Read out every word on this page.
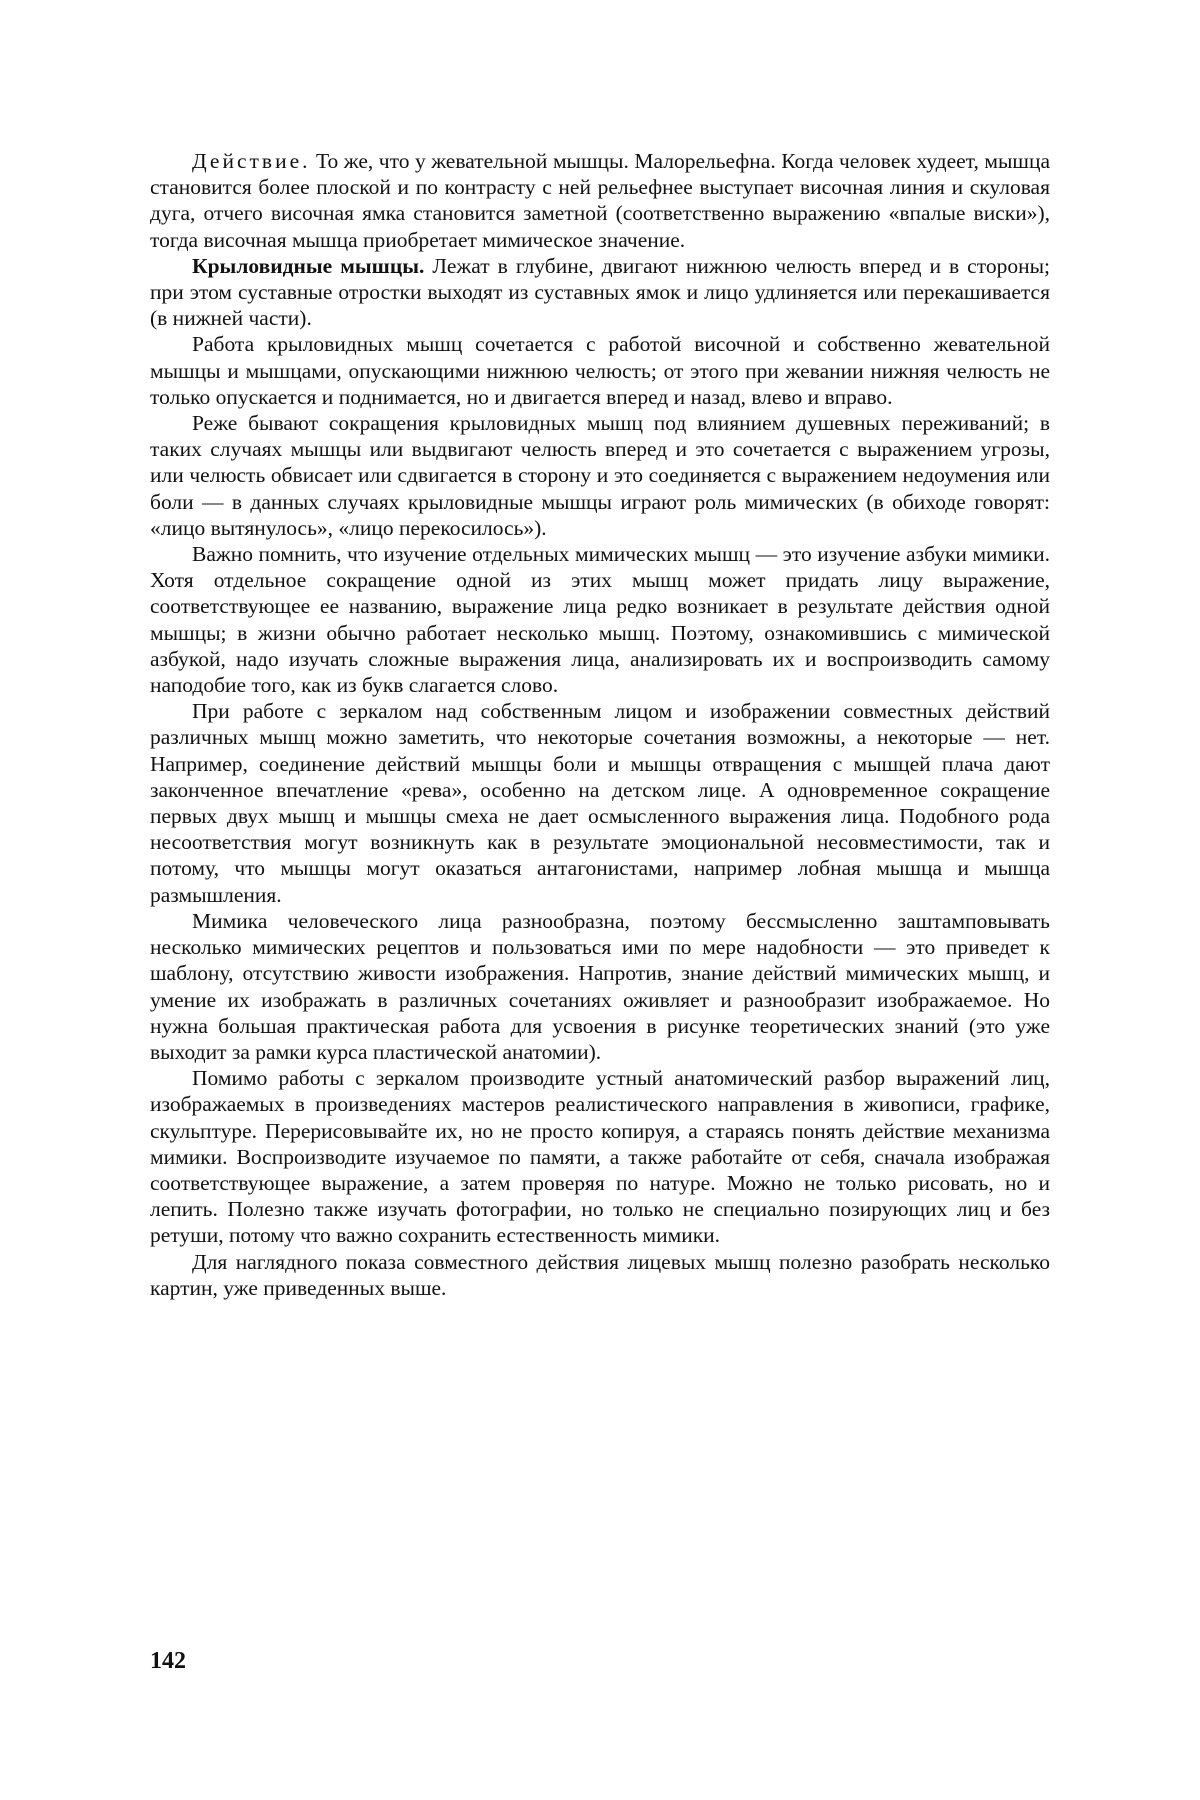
Действие. То же, что у жевательной мышцы. Малорельефна. Когда человек худеет, мышца становится более плоской и по контрасту с ней рельефнее выступает височная линия и скуловая дуга, отчего височная ямка становится заметной (соответственно выражению «впалые виски»), тогда височная мышца приобретает мимическое значение.

Крыловидные мышцы. Лежат в глубине, двигают нижнюю челюсть вперед и в стороны; при этом суставные отростки выходят из суставных ямок и лицо удлиняется или перекашивается (в нижней части).

Работа крыловидных мышц сочетается с работой височной и собственно жевательной мышцы и мышцами, опускающими нижнюю челюсть; от этого при жевании нижняя челюсть не только опускается и поднимается, но и двигается вперед и назад, влево и вправо.

Реже бывают сокращения крыловидных мышц под влиянием душевных переживаний; в таких случаях мышцы или выдвигают челюсть вперед и это сочетается с выражением угрозы, или челюсть обвисает или сдвигается в сторону и это соединяется с выражением недоумения или боли — в данных случаях крыловидные мышцы играют роль мимических (в обиходе говорят: «лицо вытянулось», «лицо перекосилось»).

Важно помнить, что изучение отдельных мимических мышц — это изучение азбуки мимики. Хотя отдельное сокращение одной из этих мышц может придать лицу выражение, соответствующее ее названию, выражение лица редко возникает в результате действия одной мышцы; в жизни обычно работает несколько мышц. Поэтому, ознакомившись с мимической азбукой, надо изучать сложные выражения лица, анализировать их и воспроизводить самому наподобие того, как из букв слагается слово.

При работе с зеркалом над собственным лицом и изображении совместных действий различных мышц можно заметить, что некоторые сочетания возможны, а некоторые — нет. Например, соединение действий мышцы боли и мышцы отвращения с мышцей плача дают законченное впечатление «рева», особенно на детском лице. А одновременное сокращение первых двух мышц и мышцы смеха не дает осмысленного выражения лица. Подобного рода несоответствия могут возникнуть как в результате эмоциональной несовместимости, так и потому, что мышцы могут оказаться антагонистами, например лобная мышца и мышца размышления.

Мимика человеческого лица разнообразна, поэтому бессмысленно заштамповывать несколько мимических рецептов и пользоваться ими по мере надобности — это приведет к шаблону, отсутствию живости изображения. Напротив, знание действий мимических мышц, и умение их изображать в различных сочетаниях оживляет и разнообразит изображаемое. Но нужна большая практическая работа для усвоения в рисунке теоретических знаний (это уже выходит за рамки курса пластической анатомии).

Помимо работы с зеркалом производите устный анатомический разбор выражений лиц, изображаемых в произведениях мастеров реалистического направления в живописи, графике, скульптуре. Перерисовывайте их, но не просто копируя, а стараясь понять действие механизма мимики. Воспроизводите изучаемое по памяти, а также работайте от себя, сначала изображая соответствующее выражение, а затем проверяя по натуре. Можно не только рисовать, но и лепить. Полезно также изучать фотографии, но только не специально позирующих лиц и без ретуши, потому что важно сохранить естественность мимики.

Для наглядного показа совместного действия лицевых мышц полезно разобрать несколько картин, уже приведенных выше.

142
